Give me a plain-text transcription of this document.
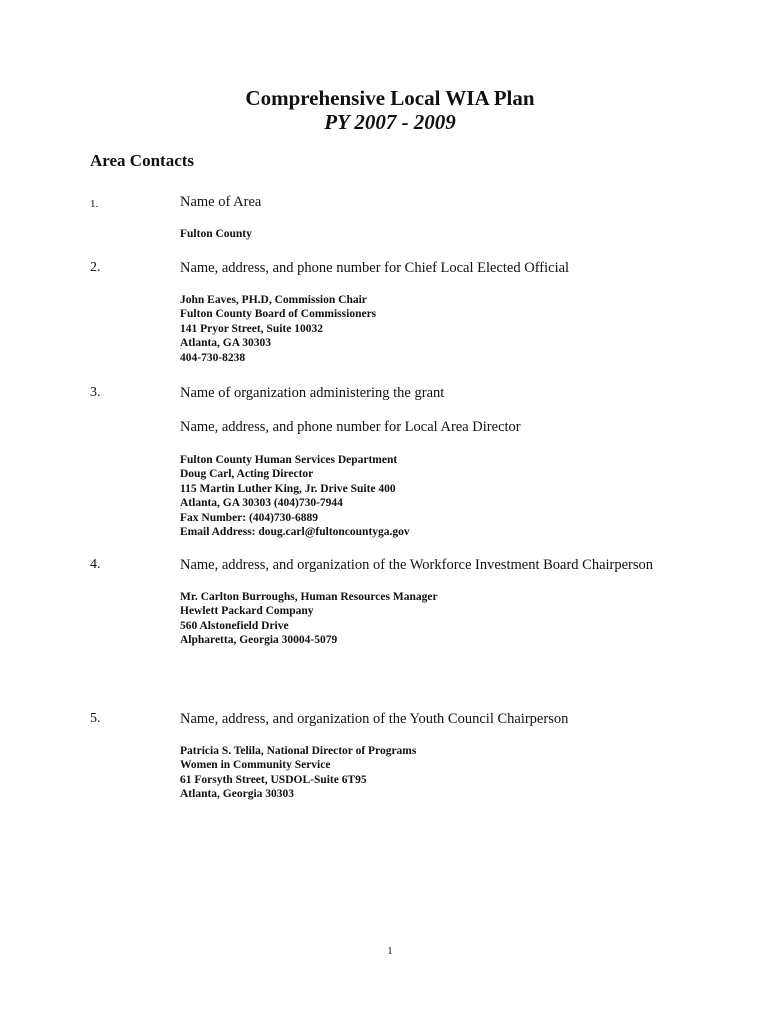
Comprehensive Local WIA Plan
PY 2007 - 2009
Area Contacts
1.	Name of Area
Fulton County
2.	Name, address, and phone number for Chief Local Elected Official
John Eaves, PH.D, Commission Chair
Fulton County Board of Commissioners
141 Pryor Street, Suite 10032
Atlanta, GA 30303
404-730-8238
3.	Name of organization administering the grant
Name, address, and phone number for Local Area Director
Fulton County Human Services Department
Doug Carl, Acting Director
115 Martin Luther King, Jr. Drive Suite 400
Atlanta, GA 30303 (404)730-7944
Fax Number: (404)730-6889
Email Address: doug.carl@fultoncountyga.gov
4.	Name, address, and organization of the Workforce Investment Board Chairperson
Mr. Carlton Burroughs, Human Resources Manager
Hewlett Packard Company
560 Alstonefield Drive
Alpharetta, Georgia 30004-5079
5.	Name, address, and organization of the Youth Council Chairperson
Patricia S. Telila, National Director of Programs
Women in Community Service
61 Forsyth Street, USDOL-Suite 6T95
Atlanta, Georgia 30303
1
